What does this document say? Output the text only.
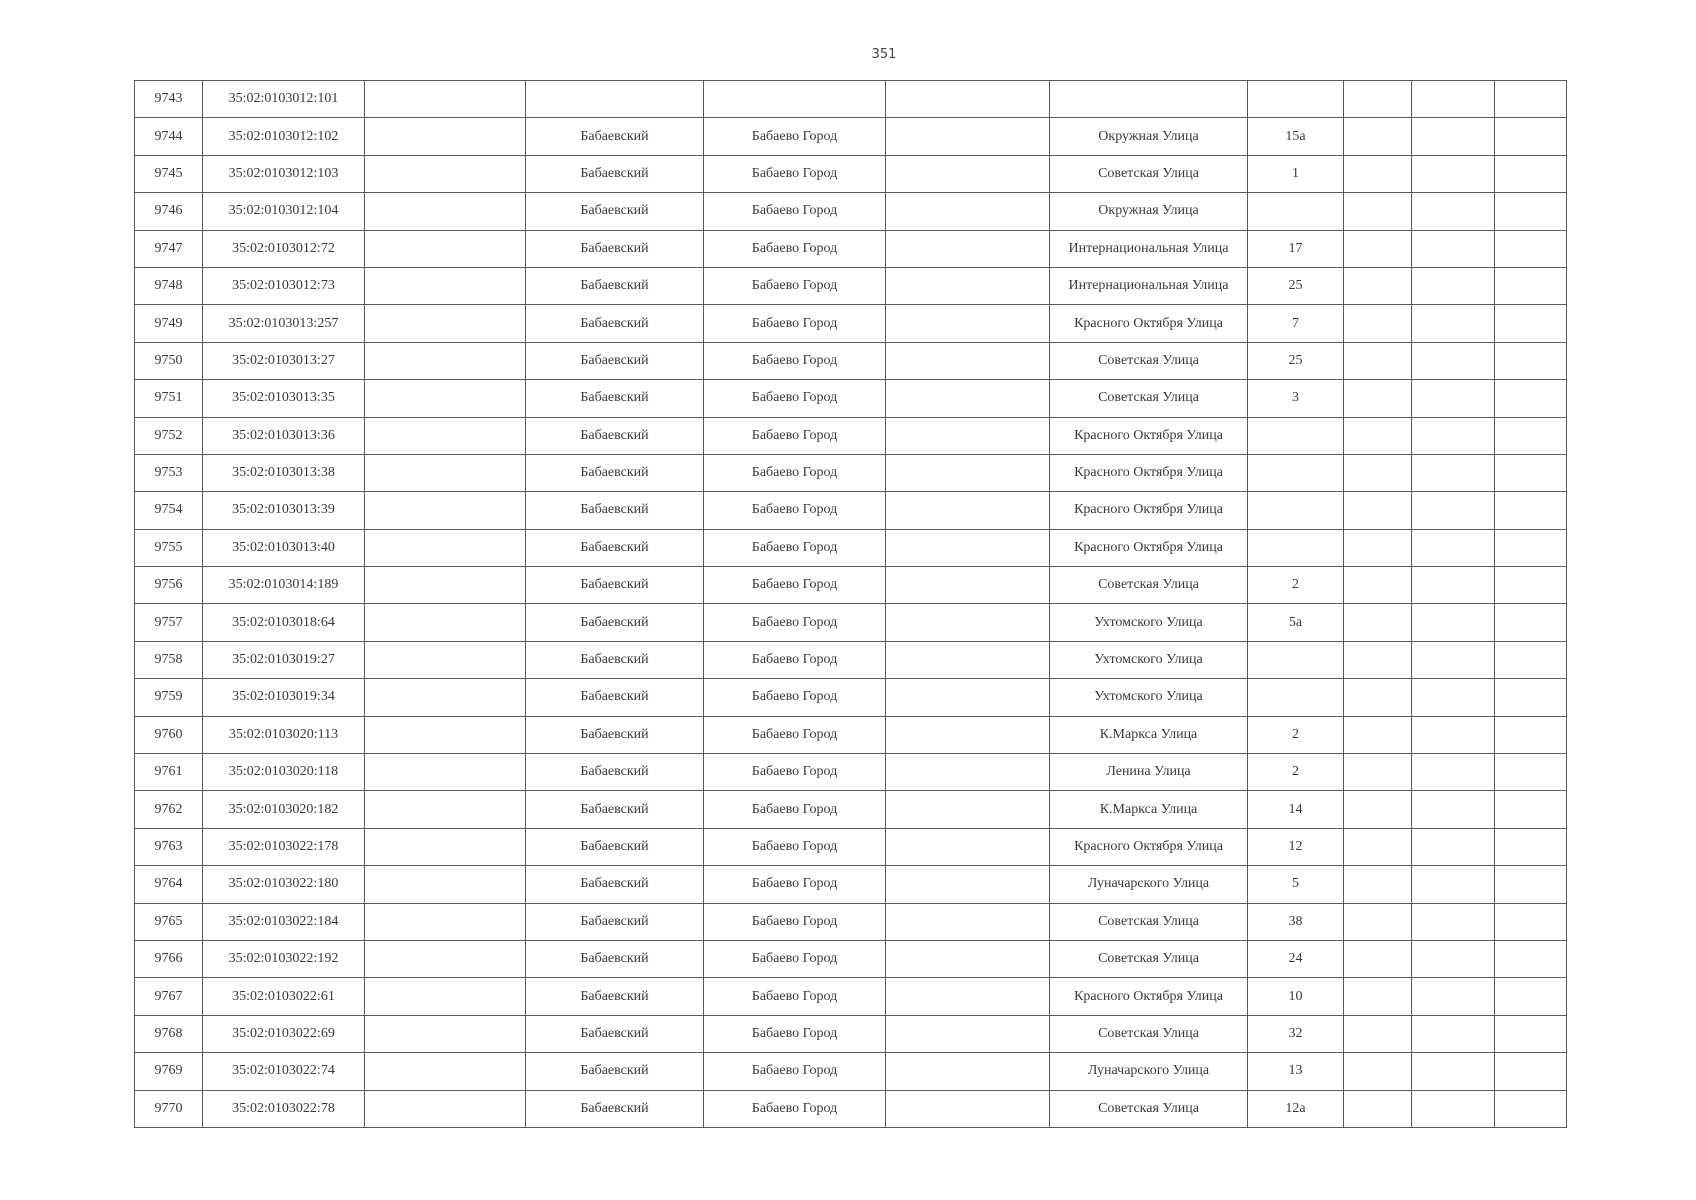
351
9743	35:02:0103012:101									
9744	35:02:0103012:102		Бабаевский	Бабаево Город		Окружная Улица	15а			
9745	35:02:0103012:103		Бабаевский	Бабаево Город		Советская Улица	1			
9746	35:02:0103012:104		Бабаевский	Бабаево Город		Окружная Улица				
9747	35:02:0103012:72		Бабаевский	Бабаево Город		Интернациональная Улица	17			
9748	35:02:0103012:73		Бабаевский	Бабаево Город		Интернациональная Улица	25			
9749	35:02:0103013:257		Бабаевский	Бабаево Город		Красного Октября Улица	7			
9750	35:02:0103013:27		Бабаевский	Бабаево Город		Советская Улица	25			
9751	35:02:0103013:35		Бабаевский	Бабаево Город		Советская Улица	3			
9752	35:02:0103013:36		Бабаевский	Бабаево Город		Красного Октября Улица				
9753	35:02:0103013:38		Бабаевский	Бабаево Город		Красного Октября Улица				
9754	35:02:0103013:39		Бабаевский	Бабаево Город		Красного Октября Улица				
9755	35:02:0103013:40		Бабаевский	Бабаево Город		Красного Октября Улица				
9756	35:02:0103014:189		Бабаевский	Бабаево Город		Советская Улица	2			
9757	35:02:0103018:64		Бабаевский	Бабаево Город		Ухтомского Улица	5а			
9758	35:02:0103019:27		Бабаевский	Бабаево Город		Ухтомского Улица				
9759	35:02:0103019:34		Бабаевский	Бабаево Город		Ухтомского Улица				
9760	35:02:0103020:113		Бабаевский	Бабаево Город		К.Маркса Улица	2			
9761	35:02:0103020:118		Бабаевский	Бабаево Город		Ленина Улица	2			
9762	35:02:0103020:182		Бабаевский	Бабаево Город		К.Маркса Улица	14			
9763	35:02:0103022:178		Бабаевский	Бабаево Город		Красного Октября Улица	12			
9764	35:02:0103022:180		Бабаевский	Бабаево Город		Луначарского Улица	5			
9765	35:02:0103022:184		Бабаевский	Бабаево Город		Советская Улица	38			
9766	35:02:0103022:192		Бабаевский	Бабаево Город		Советская Улица	24			
9767	35:02:0103022:61		Бабаевский	Бабаево Город		Красного Октября Улица	10			
9768	35:02:0103022:69		Бабаевский	Бабаево Город		Советская Улица	32			
9769	35:02:0103022:74		Бабаевский	Бабаево Город		Луначарского Улица	13			
9770	35:02:0103022:78		Бабаевский	Бабаево Город		Советская Улица	12а			
